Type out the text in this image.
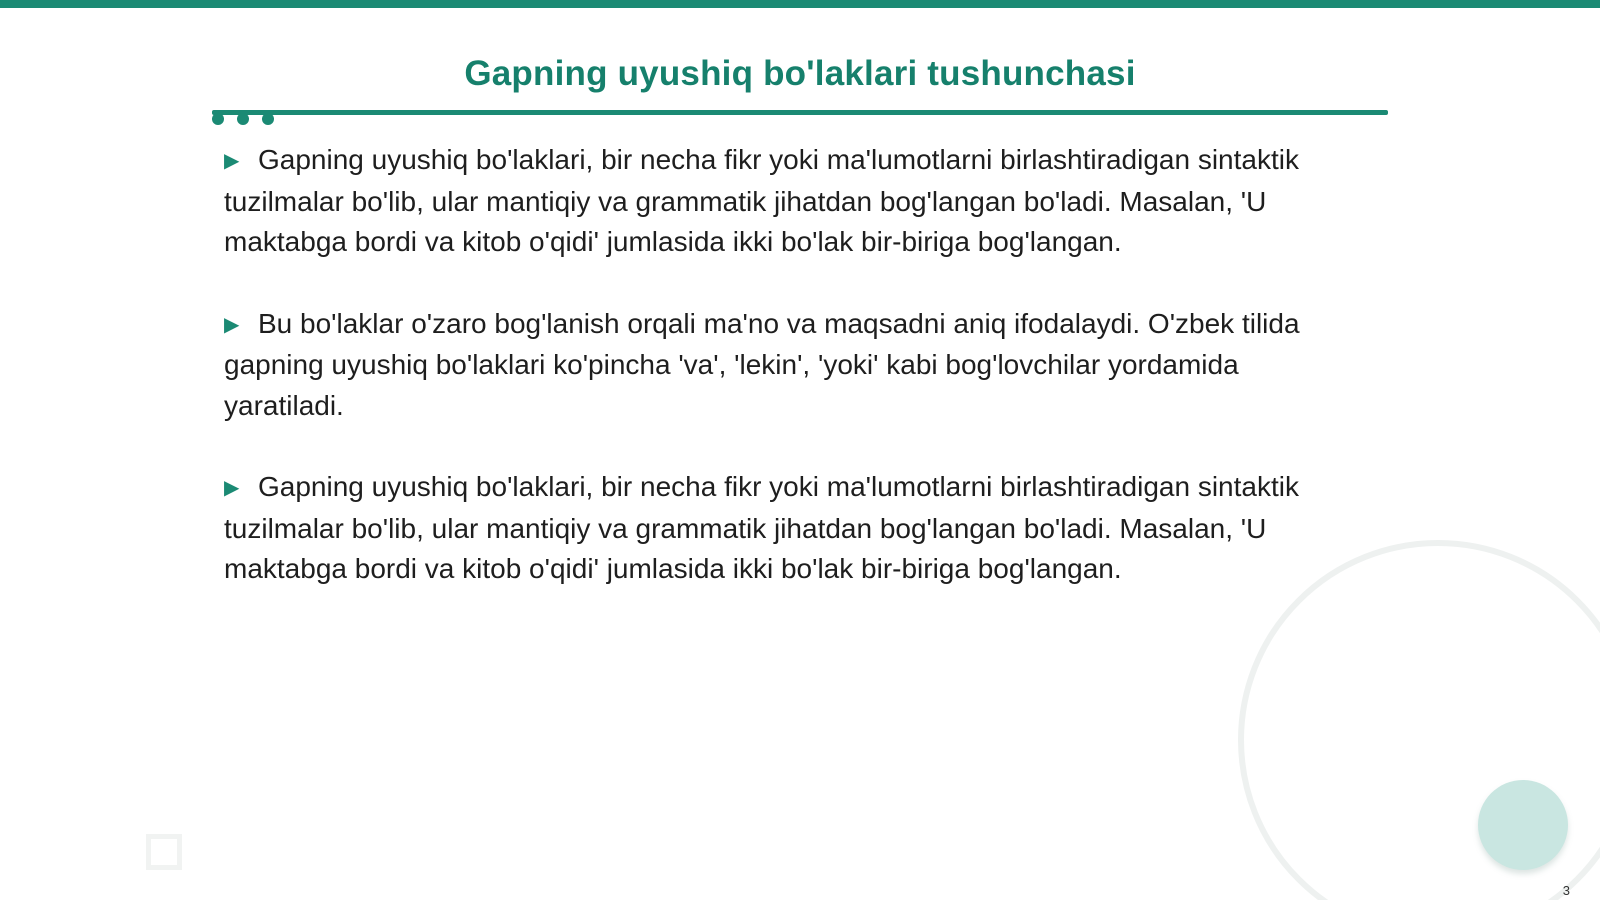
Gapning uyushiq bo'laklari tushunchasi

▶ Gapning uyushiq bo'laklari, bir necha fikr yoki ma'lumotlarni birlashtiradigan sintaktik tuzilmalar bo'lib, ular mantiqiy va grammatik jihatdan bog'langan bo'ladi. Masalan, 'U maktabga bordi va kitob o'qidi' jumlasida ikki bo'lak bir-biriga bog'langan.

▶ Bu bo'laklar o'zaro bog'lanish orqali ma'no va maqsadni aniq ifodalaydi. O'zbek tilida gapning uyushiq bo'laklari ko'pincha 'va', 'lekin', 'yoki' kabi bog'lovchilar yordamida yaratiladi.

▶ Gapning uyushiq bo'laklari, bir necha fikr yoki ma'lumotlarni birlashtiradigan sintaktik tuzilmalar bo'lib, ular mantiqiy va grammatik jihatdan bog'langan bo'ladi. Masalan, 'U maktabga bordi va kitob o'qidi' jumlasida ikki bo'lak bir-biriga bog'langan.

3
